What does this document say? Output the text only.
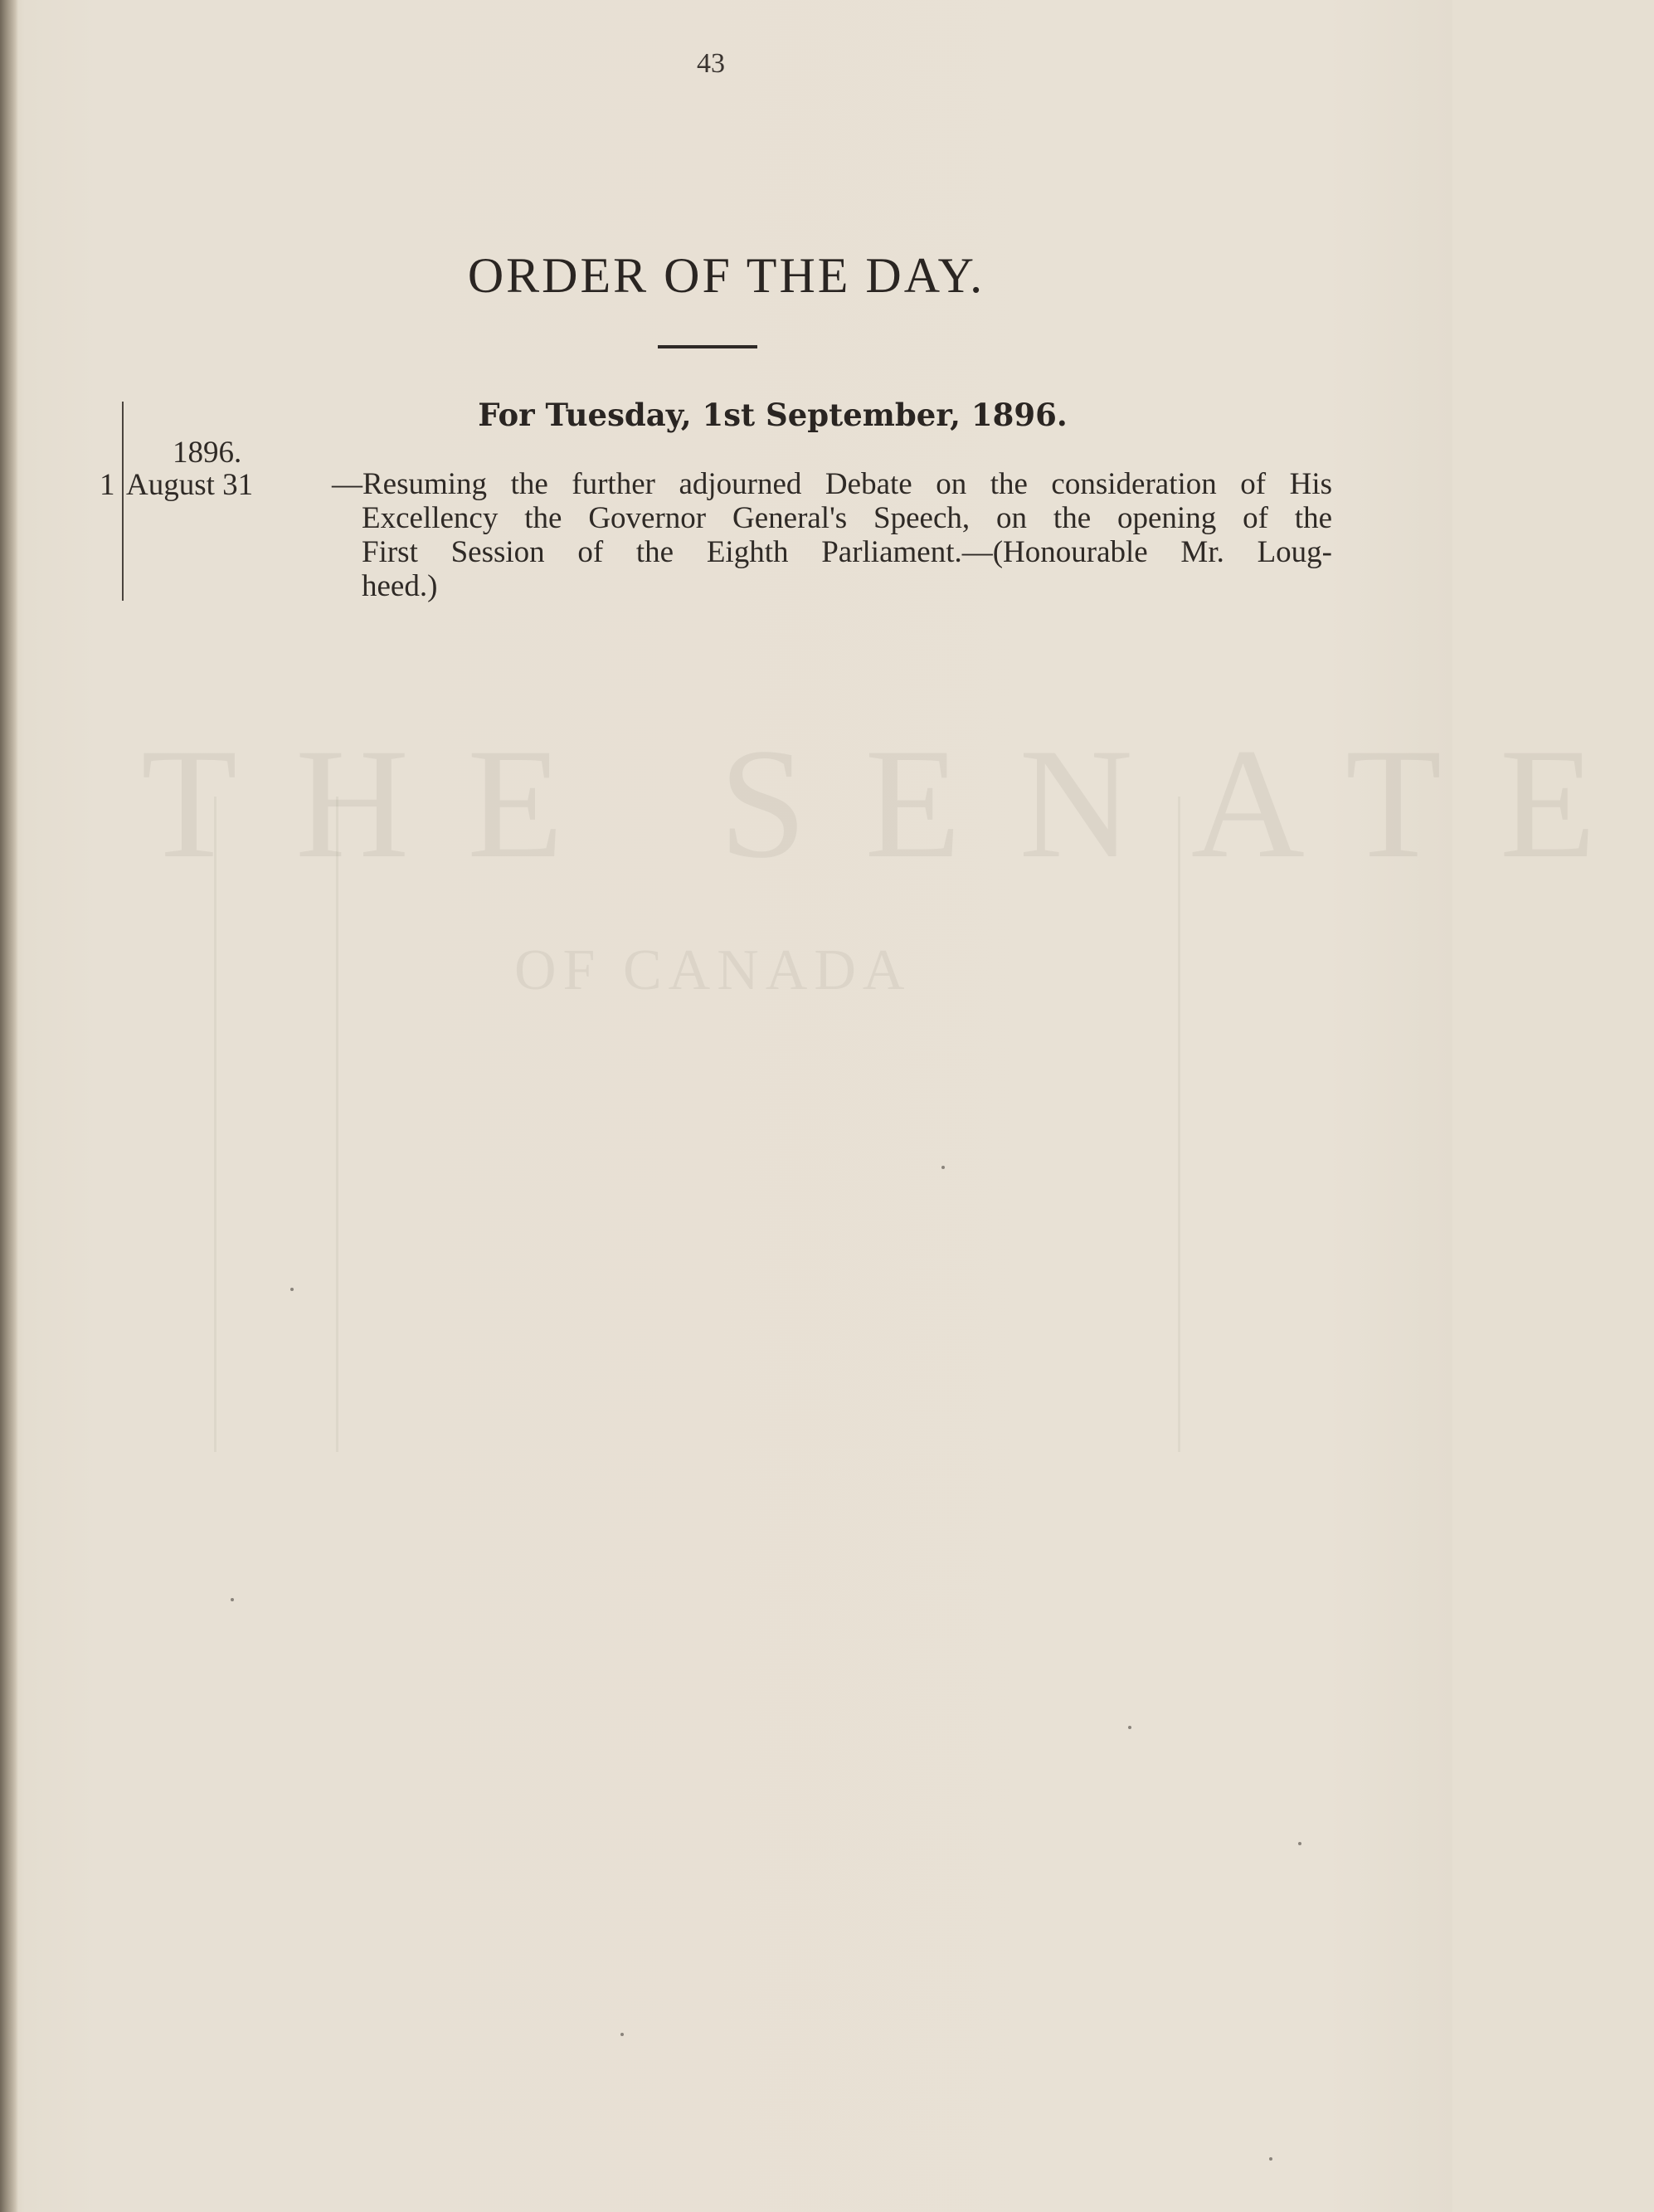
THE SENATE
OF CANADA
43
ORDER OF THE DAY.
For Tuesday, 1st September, 1896.
1896.
1 August 31	—Resuming the further adjourned Debate on the consideration of His
Excellency the Governor General's Speech, on the opening of the
First Session of the Eighth Parliament.—(Honourable Mr. Loug-
heed.)
